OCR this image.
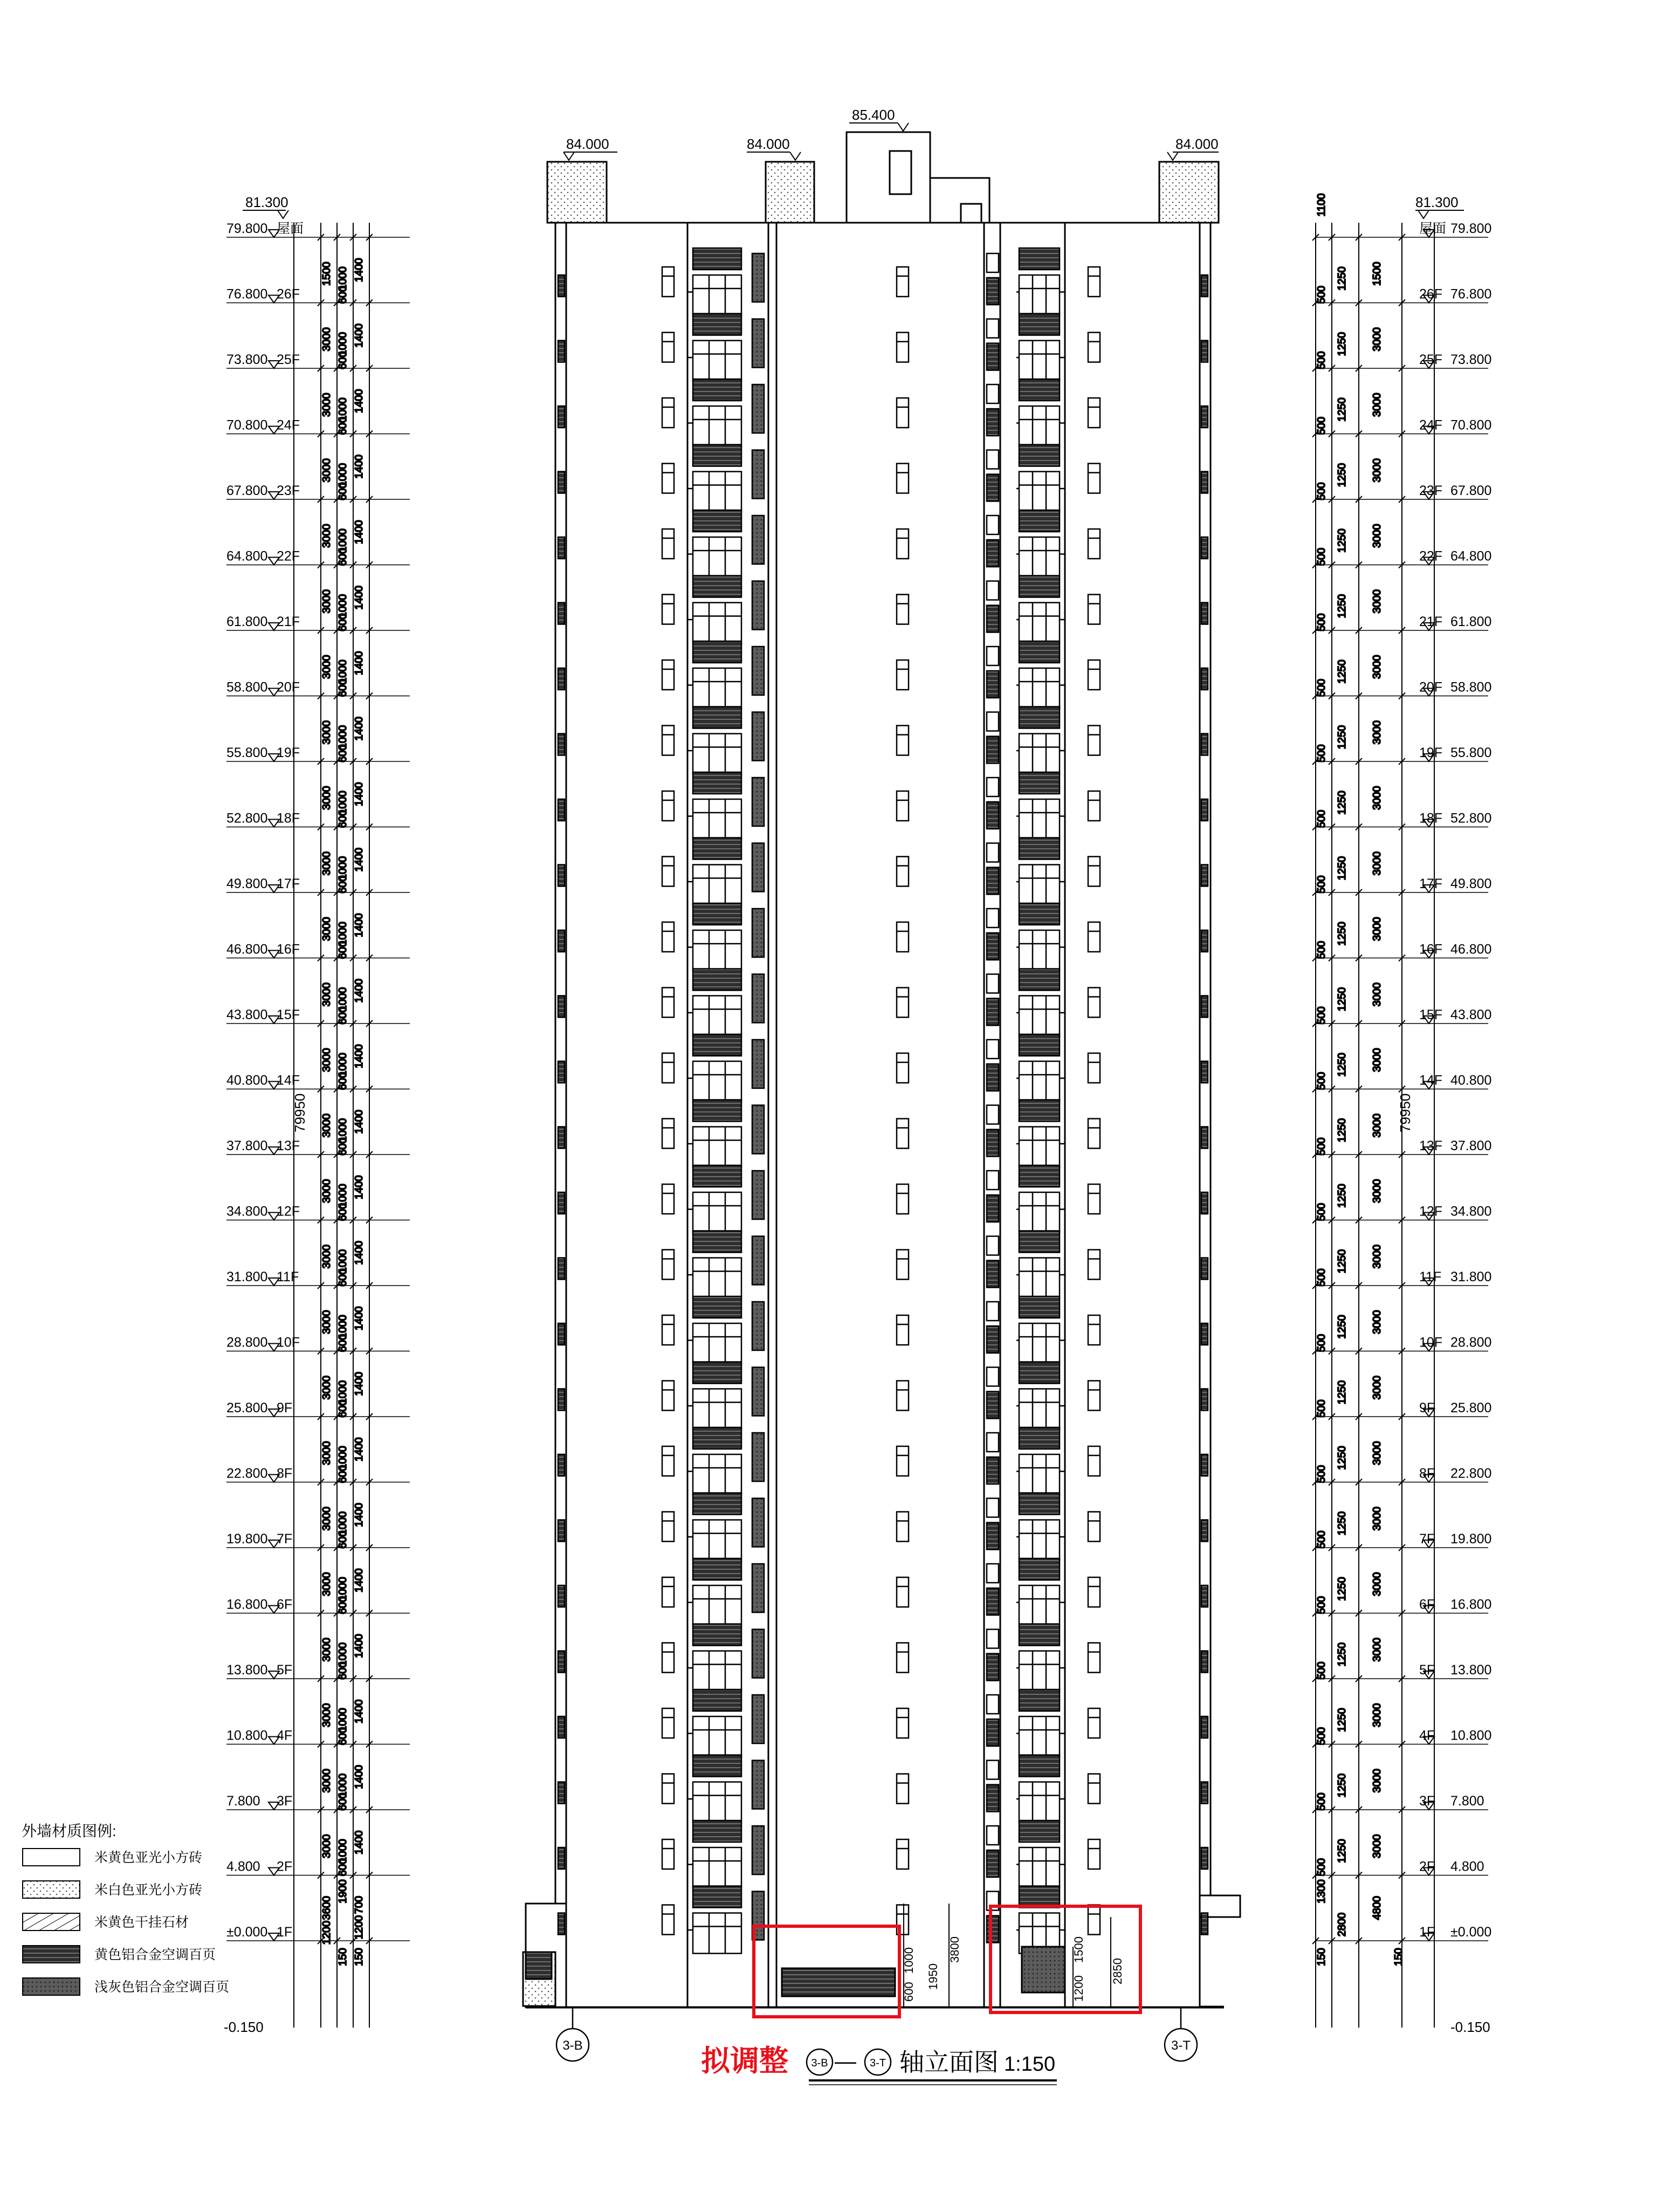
1500
600
1000 1400
3000
600
1000 1400
3000
600
1000 1400
3000
600
1000 1400
3000
600
1000 1400
3000
600
1000 1400
3000
600
1000 1400
3000
600
1000 1400
3000
600
1000 1400
3000
600
1000 1400
3000
600
1000 1400
3000
600
1000 1400
3000
600
1000 1400
3000
600
1000 1400
3000
600
1000 1400
3000
600
1000 1400
3000
600
1000 1400
3000
600
1000 1400
3000
600
1000 1400
3000
600
1000 1400
3000
600
1000 1400
3000
600
1000 1400
3000
600
1000 1400
3000
600
1000 1400
3000
600
1000 1400
3600
1900
700
1200
1200
150 150
1500
500
1250
3000
500
1250
3000
500
1250
3000
500
1250
3000
500
1250
3000
500
1250
3000
500
1250
3000
500
1250
3000
500
1250
3000
500
1250
3000
500
1250
3000
500
1250
3000
500
1250
3000
500
1250
3000
500
1250
3000
500
1250
3000
500
1250
3000
500
1250
3000
500
1250
3000
500
1250
3000
500
1250
3000
500
1250
3000
500
1250
3000
500
1250
3000
500
1250
4800
1300
2800
150	150
1100
79.800 屋面
76.800 26F
73.800 25F
70.800 24F
67.800 23F
64.800 22F
61.800 21F
58.800 20F
55.800 19F
52.800 18F
49.800 17F
46.800 16F
43.800 15F
40.800 14F
37.800 13F
34.800 12F
31.800 11F
28.800 10F
25.800 9F
22.800 8F
19.800 7F
16.800 6F
13.800 5F
10.800 4F
7.800 3F
4.800 2F
±0.000 1F
屋面 79.800
26F 76.800
25F 73.800
24F 70.800
23F 67.800
22F 64.800
21F 61.800
20F 58.800
19F 55.800
18F 52.800
17F 49.800
16F 46.800
15F 43.800
14F 40.800
13F 37.800
12F 34.800
11F 31.800
10F 28.800
9F 25.800
8F 22.800
7F 19.800
6F 16.800
5F 13.800
4F 10.800
3F 7.800
2F 4.800
1F ±0.000
84.000	84.000	84.000
85.400
81.300	81.300
79950	79950
-0.150	-0.150
600
1000
1950
3800
1200
1500
2850
3-B	3-T
拟调整 3-B — 3-T 轴立面图 1:150
外墙材质图例:
米黄色亚光小方砖
米白色亚光小方砖
米黄色干挂石材
黄色铝合金空调百页
浅灰色铝合金空调百页
